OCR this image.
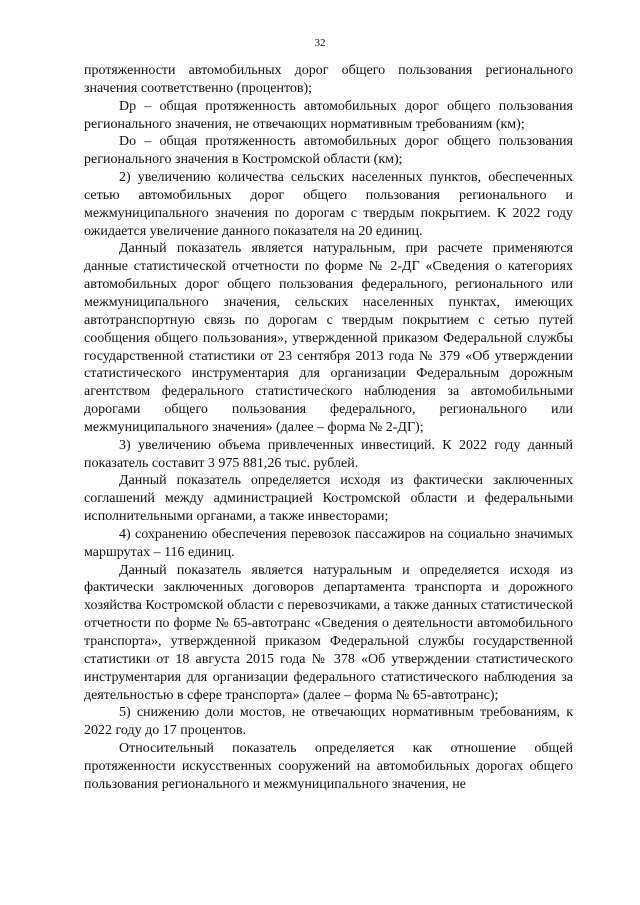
32

протяженности автомобильных дорог общего пользования регионального значения соответственно (процентов);

Dр – общая протяженность автомобильных дорог общего пользования регионального значения, не отвечающих нормативным требованиям (км);

Dо – общая протяженность автомобильных дорог общего пользования регионального значения в Костромской области (км);

2) увеличению количества сельских населенных пунктов, обеспеченных сетью автомобильных дорог общего пользования регионального и межмуниципального значения по дорогам с твердым покрытием. К 2022 году ожидается увеличение данного показателя на 20 единиц.

Данный показатель является натуральным, при расчете применяются данные статистической отчетности по форме № 2-ДГ «Сведения о категориях автомобильных дорог общего пользования федерального, регионального или межмуниципального значения, сельских населенных пунктах, имеющих автотранспортную связь по дорогам с твердым покрытием с сетью путей сообщения общего пользования», утвержденной приказом Федеральной службы государственной статистики от 23 сентября 2013 года № 379 «Об утверждении статистического инструментария для организации Федеральным дорожным агентством федерального статистического наблюдения за автомобильными дорогами общего пользования федерального, регионального или межмуниципального значения» (далее – форма № 2-ДГ);

3) увеличению объема привлеченных инвестиций. К 2022 году данный показатель составит 3 975 881,26 тыс. рублей.

Данный показатель определяется исходя из фактически заключенных соглашений между администрацией Костромской области и федеральными исполнительными органами, а также инвесторами;

4) сохранению обеспечения перевозок пассажиров на социально значимых маршрутах – 116 единиц.

Данный показатель является натуральным и определяется исходя из фактически заключенных договоров департамента транспорта и дорожного хозяйства Костромской области с перевозчиками, а также данных статистической отчетности по форме № 65-автотранс «Сведения о деятельности автомобильного транспорта», утвержденной приказом Федеральной службы государственной статистики от 18 августа 2015 года № 378 «Об утверждении статистического инструментария для организации федерального статистического наблюдения за деятельностью в сфере транспорта» (далее – форма № 65-автотранс);

5) снижению доли мостов, не отвечающих нормативным требованиям, к 2022 году до 17 процентов.

Относительный показатель определяется как отношение общей протяженности искусственных сооружений на автомобильных дорогах общего пользования регионального и межмуниципального значения, не
